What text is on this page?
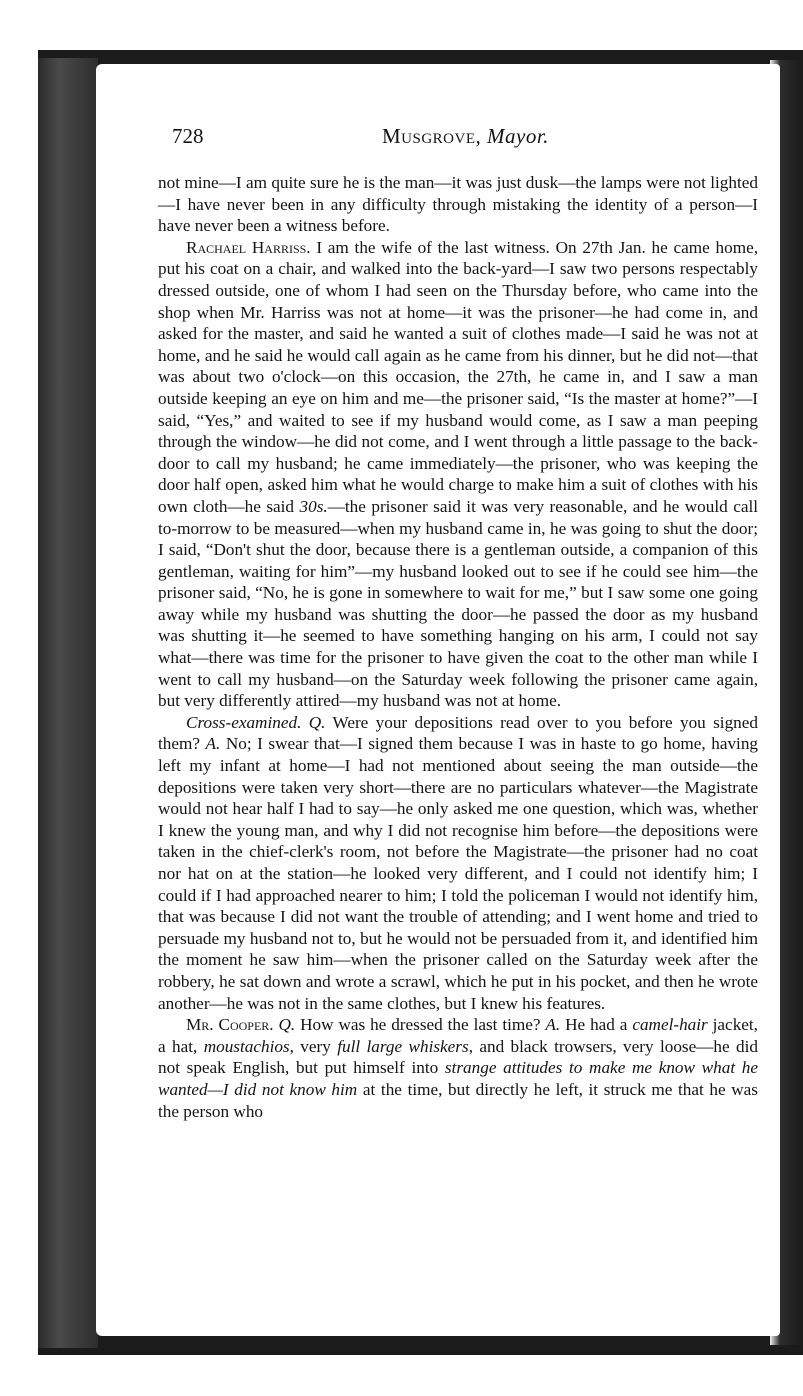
728	Musgrove, Mayor.

not mine—I am quite sure he is the man—it was just dusk—the lamps were not lighted—I have never been in any difficulty through mistaking the identity of a person—I have never been a witness before.

Rachael Harriss. I am the wife of the last witness. On 27th Jan. he came home, put his coat on a chair, and walked into the back-yard—I saw two persons respectably dressed outside, one of whom I had seen on the Thursday before, who came into the shop when Mr. Harriss was not at home—it was the prisoner—he had come in, and asked for the master, and said he wanted a suit of clothes made—I said he was not at home, and he said he would call again as he came from his dinner, but he did not—that was about two o'clock—on this occasion, the 27th, he came in, and I saw a man outside keeping an eye on him and me—the prisoner said, “Is the master at home?”—I said, “Yes,” and waited to see if my husband would come, as I saw a man peeping through the window—he did not come, and I went through a little passage to the back-door to call my husband; he came immediately—the prisoner, who was keeping the door half open, asked him what he would charge to make him a suit of clothes with his own cloth—he said 30s.—the prisoner said it was very reasonable, and he would call to-morrow to be measured—when my husband came in, he was going to shut the door; I said, “Don't shut the door, because there is a gentleman outside, a companion of this gentleman, waiting for him”—my husband looked out to see if he could see him—the prisoner said, “No, he is gone in somewhere to wait for me,” but I saw some one going away while my husband was shutting the door—he passed the door as my husband was shutting it—he seemed to have something hanging on his arm, I could not say what—there was time for the prisoner to have given the coat to the other man while I went to call my husband—on the Saturday week following the prisoner came again, but very differently attired—my husband was not at home.

Cross-examined. Q. Were your depositions read over to you before you signed them? A. No; I swear that—I signed them because I was in haste to go home, having left my infant at home—I had not mentioned about seeing the man outside—the depositions were taken very short—there are no particulars whatever—the Magistrate would not hear half I had to say—he only asked me one question, which was, whether I knew the young man, and why I did not recognise him before—the depositions were taken in the chief-clerk's room, not before the Magistrate—the prisoner had no coat nor hat on at the station—he looked very different, and I could not identify him; I could if I had approached nearer to him; I told the policeman I would not identify him, that was because I did not want the trouble of attending; and I went home and tried to persuade my husband not to, but he would not be persuaded from it, and identified him the moment he saw him—when the prisoner called on the Saturday week after the robbery, he sat down and wrote a scrawl, which he put in his pocket, and then he wrote another—he was not in the same clothes, but I knew his features.

Mr. Cooper. Q. How was he dressed the last time? A. He had a camel-hair jacket, a hat, moustachios, very full large whiskers, and black trowsers, very loose—he did not speak English, but put himself into strange attitudes to make me know what he wanted—I did not know him at the time, but directly he left, it struck me that he was the person who
